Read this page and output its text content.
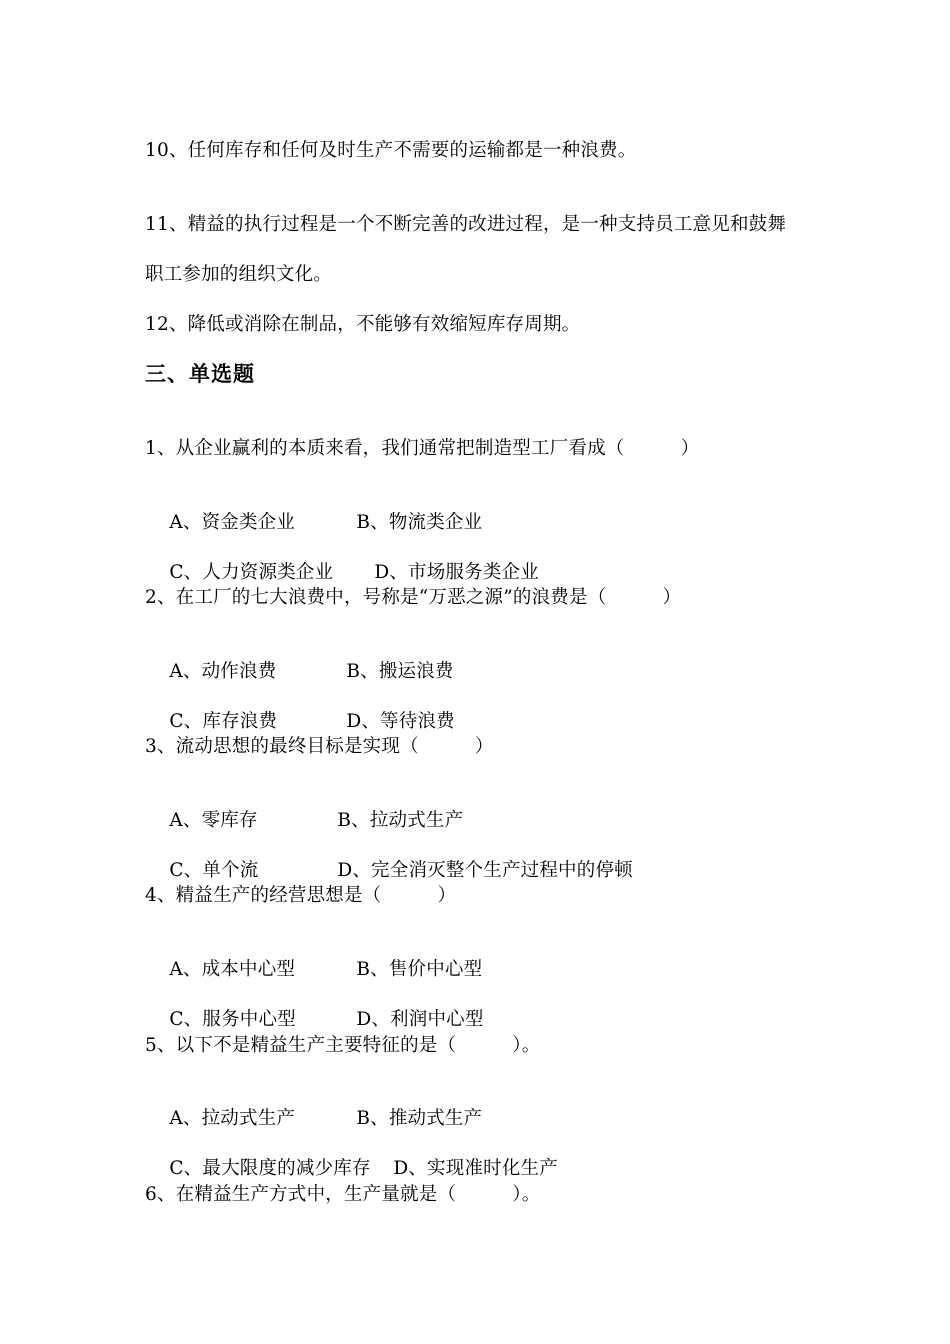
10、任何库存和任何及时生产不需要的运输都是一种浪费。
11、精益的执行过程是一个不断完善的改进过程，是一种支持员工意见和鼓舞
职工参加的组织文化。
12、降低或消除在制品，不能够有效缩短库存周期。
三、单选题
1、从企业赢利的本质来看，我们通常把制造型工厂看成（　　　）

A、资金类企业	B、物流类企业

C、人力资源类企业 D、市场服务类企业

2、在工厂的七大浪费中，号称是“万恶之源”的浪费是（　　　）

A、动作浪费	B、搬运浪费

C、库存浪费	D、等待浪费

3、流动思想的最终目标是实现（　　　）

A、零库存	B、拉动式生产

C、单个流	D、完全消灭整个生产过程中的停顿

4、精益生产的经营思想是（　　　）

A、成本中心型	B、售价中心型

C、服务中心型	D、利润中心型

5、以下不是精益生产主要特征的是（　　　）。

A、拉动式生产	B、推动式生产

C、最大限度的减少库存 D、实现准时化生产

6、在精益生产方式中，生产量就是（　　　）。
